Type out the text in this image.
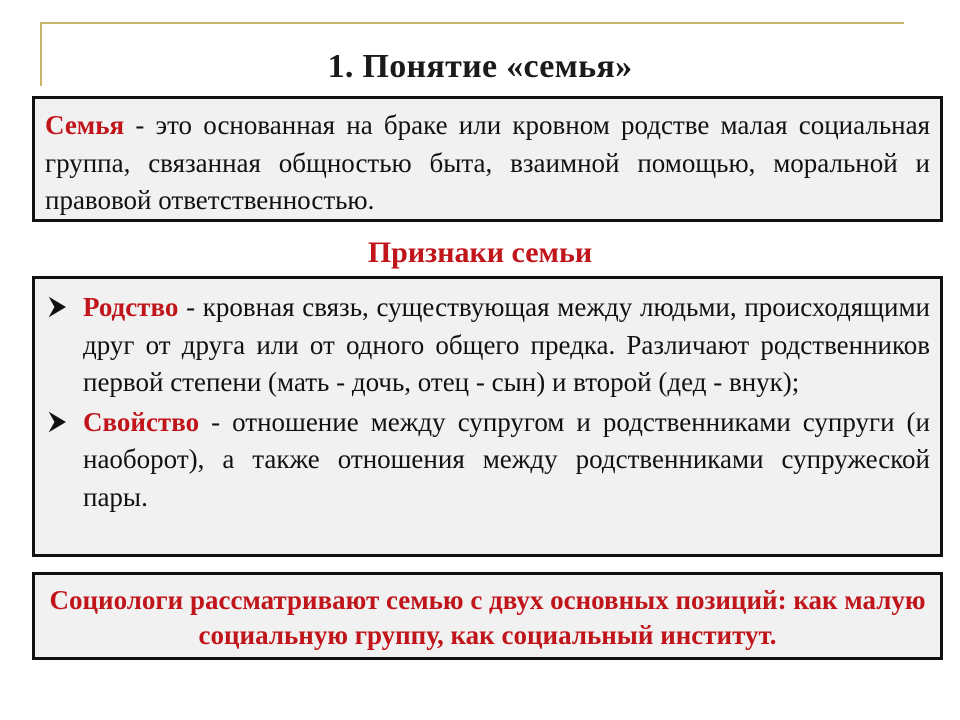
1. Понятие «семья»

Семья - это основанная на браке или кровном родстве малая социальная группа, связанная общностью быта, взаимной помощью, моральной и правовой ответственностью.

Признаки семьи

Родство - кровная связь, существующая между людьми, происходящими друг от друга или от одного общего предка. Различают родственников первой степени (мать - дочь, отец - сын) и второй (дед - внук);

Свойство - отношение между супругом и родственниками супруги (и наоборот), а также отношения между родственниками супружеской пары.

Социологи рассматривают семью с двух основных позиций: как малую социальную группу, как социальный институт.
